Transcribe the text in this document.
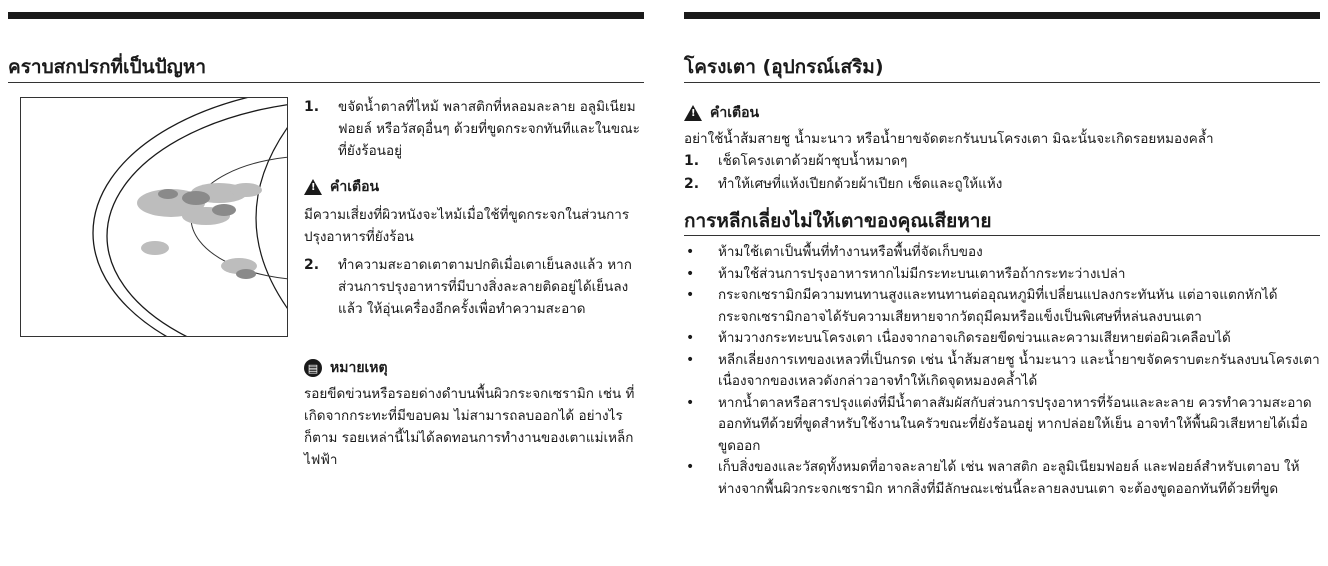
คราบสกปรกที่เป็นปัญหา
1.	ขจัดน้ำตาลที่ไหม้ พลาสติกที่หลอมละลาย อลูมิเนียมฟอยล์ หรือวัสดุอื่นๆ ด้วยที่ขูดกระจกทันทีและในขณะที่ยังร้อนอยู่
!
คำเตือน
มีความเสี่ยงที่ผิวหนังจะไหม้เมื่อใช้ที่ขูดกระจกในส่วนการปรุงอาหารที่ยังร้อน
2.	ทำความสะอาดเตาตามปกติเมื่อเตาเย็นลงแล้ว หากส่วนการปรุงอาหารที่มีบางสิ่งละลายติดอยู่ได้เย็นลงแล้ว ให้อุ่นเครื่องอีกครั้งเพื่อทำความสะอาด
▤ หมายเหตุ
รอยขีดข่วนหรือรอยด่างดำบนพื้นผิวกระจกเซรามิก เช่น ที่เกิดจากกระทะที่มีขอบคม ไม่สามารถลบออกได้ อย่างไรก็ตาม รอยเหล่านี้ไม่ได้ลดทอนการทำงานของเตาแม่เหล็กไฟฟ้า
โครงเตา (อุปกรณ์เสริม)
!
คำเตือน
อย่าใช้น้ำส้มสายชู น้ำมะนาว หรือน้ำยาขจัดตะกรันบนโครงเตา มิฉะนั้นจะเกิดรอยหมองคล้ำ
1.	เช็ดโครงเตาด้วยผ้าชุบน้ำหมาดๆ
2.	ทำให้เศษที่แห้งเปียกด้วยผ้าเปียก เช็ดและถูให้แห้ง
การหลีกเลี่ยงไม่ให้เตาของคุณเสียหาย
• ห้ามใช้เตาเป็นพื้นที่ทำงานหรือพื้นที่จัดเก็บของ
• ห้ามใช้ส่วนการปรุงอาหารหากไม่มีกระทะบนเตาหรือถ้ากระทะว่างเปล่า
• กระจกเซรามิกมีความทนทานสูงและทนทานต่ออุณหภูมิที่เปลี่ยนแปลงกระทันหัน แต่อาจแตกหักได้ กระจกเซรามิกอาจได้รับความเสียหายจากวัตถุมีคมหรือแข็งเป็นพิเศษที่หล่นลงบนเตา
• ห้ามวางกระทะบนโครงเตา เนื่องจากอาจเกิดรอยขีดข่วนและความเสียหายต่อผิวเคลือบได้
• หลีกเลี่ยงการเทของเหลวที่เป็นกรด เช่น น้ำส้มสายชู น้ำมะนาว และน้ำยาขจัดคราบตะกรันลงบนโครงเตา เนื่องจากของเหลวดังกล่าวอาจทำให้เกิดจุดหมองคล้ำได้
• หากน้ำตาลหรือสารปรุงแต่งที่มีน้ำตาลสัมผัสกับส่วนการปรุงอาหารที่ร้อนและละลาย ควรทำความสะอาดออกทันทีด้วยที่ขูดสำหรับใช้งานในครัวขณะที่ยังร้อนอยู่ หากปล่อยให้เย็น อาจทำให้พื้นผิวเสียหายได้เมื่อขูดออก
• เก็บสิ่งของและวัสดุทั้งหมดที่อาจละลายได้ เช่น พลาสติก อะลูมิเนียมฟอยล์ และฟอยล์สำหรับเตาอบ ให้ห่างจากพื้นผิวกระจกเซรามิก หากสิ่งที่มีลักษณะเช่นนี้ละลายลงบนเตา จะต้องขูดออกทันทีด้วยที่ขูด
